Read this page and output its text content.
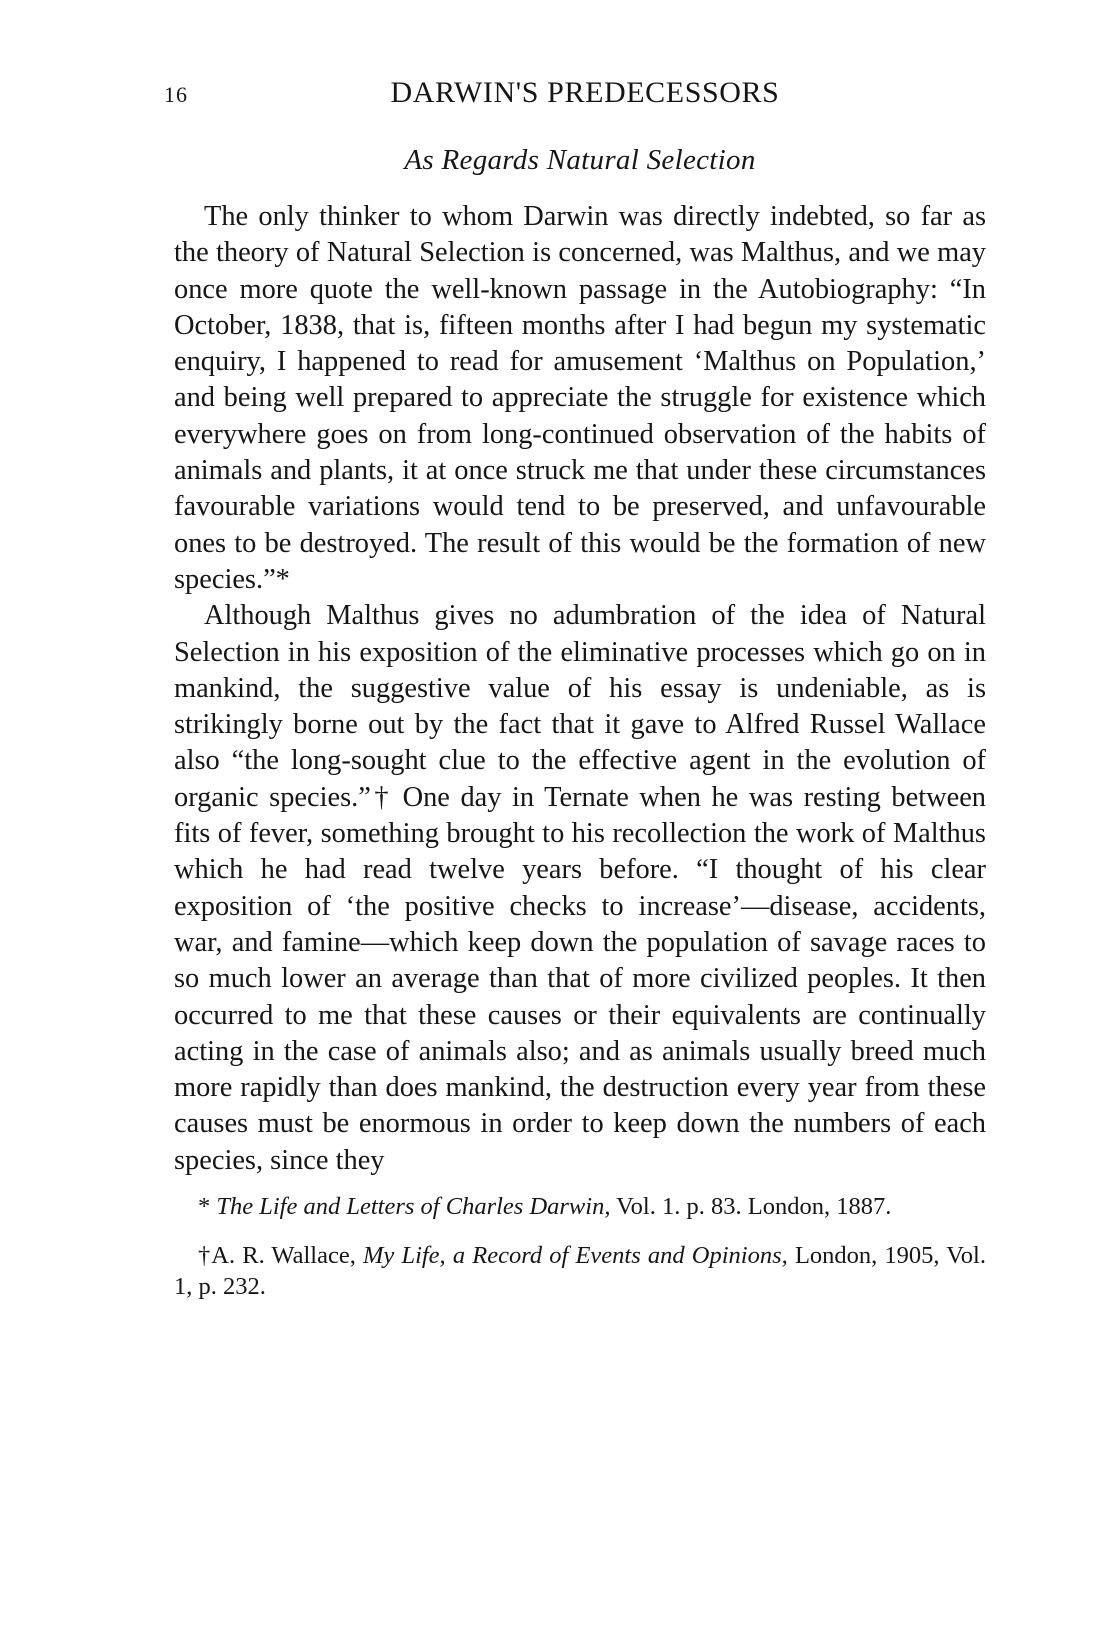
16	DARWIN'S PREDECESSORS
As Regards Natural Selection

The only thinker to whom Darwin was directly indebted, so far as the theory of Natural Selection is concerned, was Malthus, and we may once more quote the well-known passage in the Autobiography: “In October, 1838, that is, fifteen months after I had begun my systematic enquiry, I happened to read for amusement ‘Malthus on Population,’ and being well prepared to appreciate the struggle for existence which everywhere goes on from long-continued observation of the habits of animals and plants, it at once struck me that under these circumstances favourable variations would tend to be preserved, and unfavourable ones to be destroyed. The result of this would be the formation of new species.”*

Although Malthus gives no adumbration of the idea of Natural Selection in his exposition of the eliminative processes which go on in mankind, the suggestive value of his essay is undeniable, as is strikingly borne out by the fact that it gave to Alfred Russel Wallace also “the long-sought clue to the effective agent in the evolution of organic species.”† One day in Ternate when he was resting between fits of fever, something brought to his recollection the work of Malthus which he had read twelve years before. “I thought of his clear exposition of ‘the positive checks to increase’—disease, accidents, war, and famine—which keep down the population of savage races to so much lower an average than that of more civilized peoples. It then occurred to me that these causes or their equivalents are continually acting in the case of animals also; and as animals usually breed much more rapidly than does mankind, the destruction every year from these causes must be enormous in order to keep down the numbers of each species, since they

* The Life and Letters of Charles Darwin, Vol. 1. p. 83. London, 1887.

†A. R. Wallace, My Life, a Record of Events and Opinions, London, 1905, Vol. 1, p. 232.
